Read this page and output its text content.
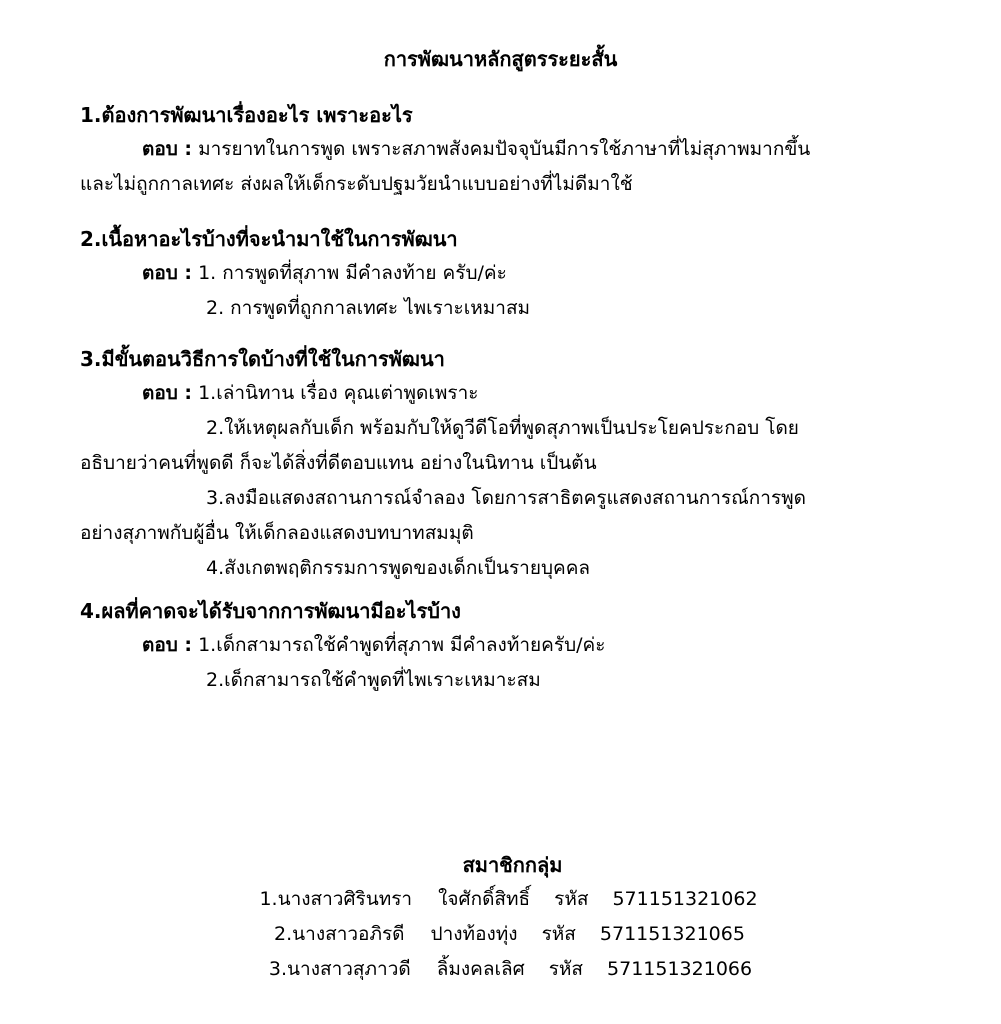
การพัฒนาหลักสูตรระยะสั้น
1.ต้องการพัฒนาเรื่องอะไร เพราะอะไร
ตอบ : มารยาทในการพูด เพราะสภาพสังคมปัจจุบันมีการใช้ภาษาที่ไม่สุภาพมากขึ้น
และไม่ถูกกาลเทศะ ส่งผลให้เด็กระดับปฐมวัยนำแบบอย่างที่ไม่ดีมาใช้
2.เนื้อหาอะไรบ้างที่จะนำมาใช้ในการพัฒนา
ตอบ : 1. การพูดที่สุภาพ มีคำลงท้าย ครับ/ค่ะ
2. การพูดที่ถูกกาลเทศะ ไพเราะเหมาสม
3.มีขั้นตอนวิธีการใดบ้างที่ใช้ในการพัฒนา
ตอบ : 1.เล่านิทาน เรื่อง คุณเต่าพูดเพราะ
2.ให้เหตุผลกับเด็ก พร้อมกับให้ดูวีดีโอที่พูดสุภาพเป็นประโยคประกอบ โดย
อธิบายว่าคนที่พูดดี ก็จะได้สิ่งที่ดีตอบแทน อย่างในนิทาน เป็นต้น
3.ลงมือแสดงสถานการณ์จำลอง โดยการสาธิตครูแสดงสถานการณ์การพูด
อย่างสุภาพกับผู้อื่น ให้เด็กลองแสดงบทบาทสมมุติ
4.สังเกตพฤติกรรมการพูดของเด็กเป็นรายบุคคล
4.ผลที่คาดจะได้รับจากการพัฒนามีอะไรบ้าง
ตอบ : 1.เด็กสามารถใช้คำพูดที่สุภาพ มีคำลงท้ายครับ/ค่ะ
2.เด็กสามารถใช้คำพูดที่ไพเราะเหมาะสม
สมาชิกกลุ่ม
1.นางสาวศิรินทรา ใจศักดิ์สิทธิ์ รหัส 571151321062
2.นางสาวอภิรดี ปางท้องทุ่ง รหัส 571151321065
3.นางสาวสุภาวดี ลิ้มงคลเลิศ รหัส 571151321066
